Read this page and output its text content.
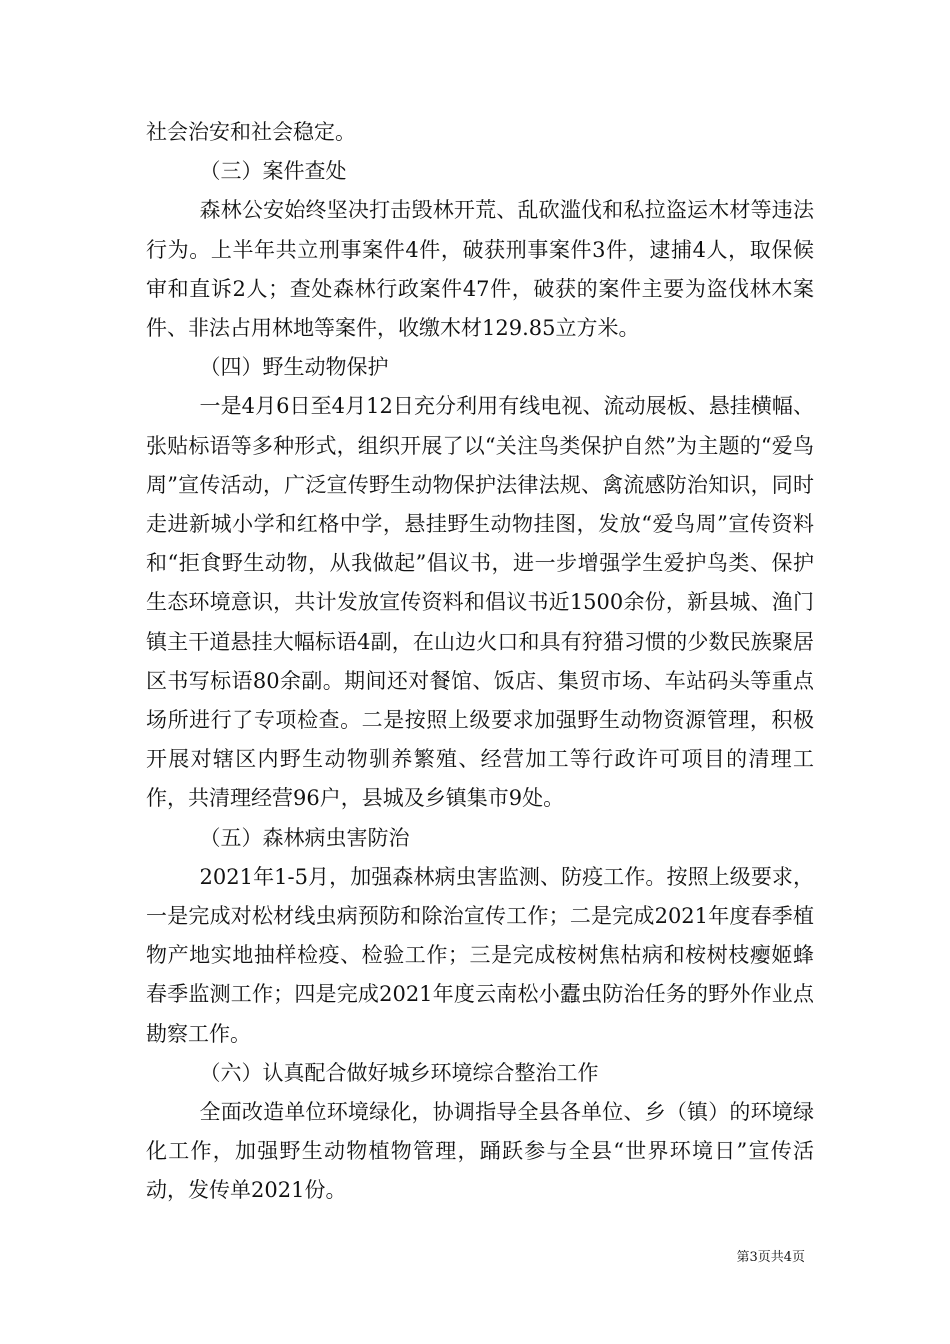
社会治安和社会稳定。

（三）案件查处

森林公安始终坚决打击毁林开荒、乱砍滥伐和私拉盗运木材等违法行为。上半年共立刑事案件4件，破获刑事案件3件，逮捕4人，取保候审和直诉2人；查处森林行政案件47件，破获的案件主要为盗伐林木案件、非法占用林地等案件，收缴木材129.85立方米。

（四）野生动物保护

一是4月6日至4月12日充分利用有线电视、流动展板、悬挂横幅、张贴标语等多种形式，组织开展了以“关注鸟类保护自然”为主题的“爱鸟周”宣传活动，广泛宣传野生动物保护法律法规、禽流感防治知识，同时走进新城小学和红格中学，悬挂野生动物挂图，发放“爱鸟周”宣传资料和“拒食野生动物，从我做起”倡议书，进一步增强学生爱护鸟类、保护生态环境意识，共计发放宣传资料和倡议书近1500余份，新县城、渔门镇主干道悬挂大幅标语4副，在山边火口和具有狩猎习惯的少数民族聚居区书写标语80余副。期间还对餐馆、饭店、集贸市场、车站码头等重点场所进行了专项检查。二是按照上级要求加强野生动物资源管理，积极开展对辖区内野生动物驯养繁殖、经营加工等行政许可项目的清理工作，共清理经营96户，县城及乡镇集市9处。

（五）森林病虫害防治

2021年1-5月，加强森林病虫害监测、防疫工作。按照上级要求，一是完成对松材线虫病预防和除治宣传工作；二是完成2021年度春季植物产地实地抽样检疫、检验工作；三是完成桉树焦枯病和桉树枝瘿姬蜂春季监测工作；四是完成2021年度云南松小蠹虫防治任务的野外作业点勘察工作。

（六）认真配合做好城乡环境综合整治工作

全面改造单位环境绿化，协调指导全县各单位、乡（镇）的环境绿化工作，加强野生动物植物管理，踊跃参与全县“世界环境日”宣传活动，发传单2021份。

第3页共4页
